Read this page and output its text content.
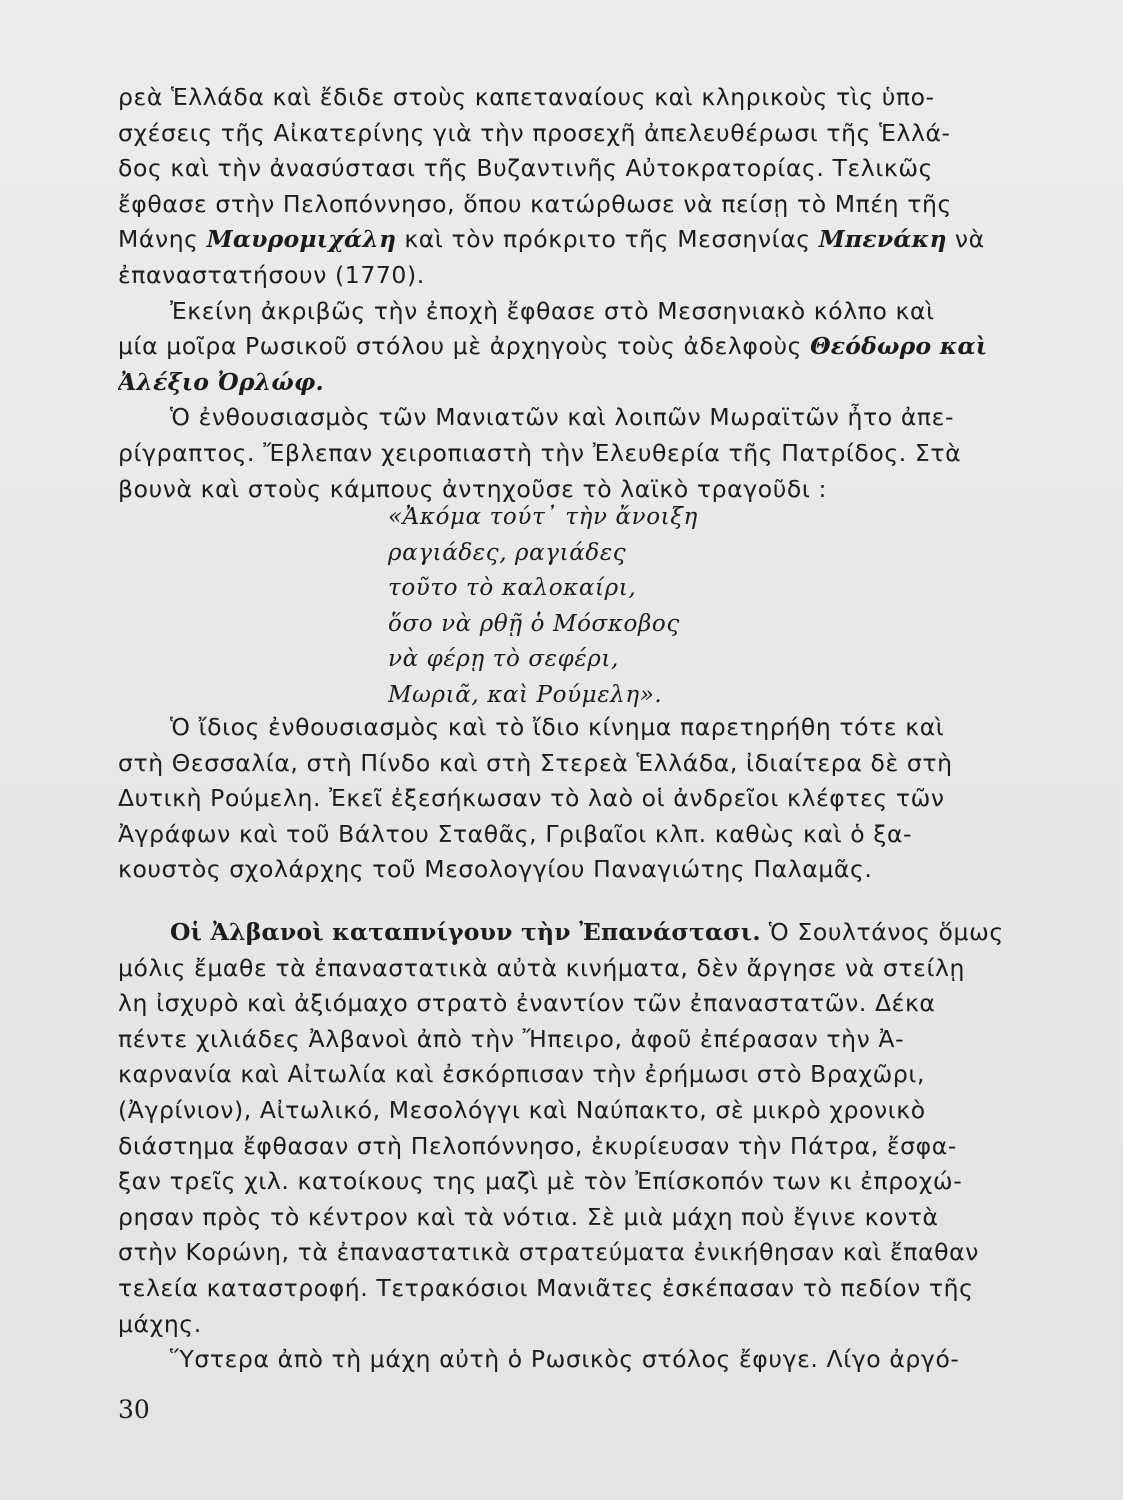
ρεὰ Ἑλλάδα καὶ ἔδιδε στοὺς καπεταναίους καὶ κληρικοὺς τὶς ὑπο-
σχέσεις τῆς Αἰκατερίνης γιὰ τὴν προσεχῆ ἀπελευθέρωσι τῆς Ἑλλά-
δος καὶ τὴν ἀνασύστασι τῆς Βυζαντινῆς Αὐτοκρατορίας. Τελικῶς
ἔφθασε στὴν Πελοπόννησο, ὅπου κατώρθωσε νὰ πείσῃ τὸ Μπέη τῆς
Μάνης Μαυρομιχάλη καὶ τὸν πρόκριτο τῆς Μεσσηνίας Μπενάκη νὰ
ἐπαναστατήσουν (1770).
Ἐκείνη ἀκριβῶς τὴν ἐποχὴ ἔφθασε στὸ Μεσσηνιακὸ κόλπο καὶ
μία μοῖρα Ρωσικοῦ στόλου μὲ ἀρχηγοὺς τοὺς ἀδελφοὺς Θεόδωρο καὶ
Ἀλέξιο Ὀρλώφ.
Ὁ ἐνθουσιασμὸς τῶν Μανιατῶν καὶ λοιπῶν Μωραϊτῶν ἦτο ἀπε-
ρίγραπτος. Ἔβλεπαν χειροπιαστὴ τὴν Ἐλευθερία τῆς Πατρίδος. Στὰ
βουνὰ καὶ στοὺς κάμπους ἀντηχοῦσε τὸ λαϊκὸ τραγοῦδι :
«Ἀκόμα τούτ᾿ τὴν ἄνοιξη
ραγιάδες, ραγιάδες
τοῦτο τὸ καλοκαίρι,
ὅσο νὰ ρθῇ ὁ Μόσκοβος
νὰ φέρῃ τὸ σεφέρι,
Μωριᾶ, καὶ Ρούμελη».
Ὁ ἴδιος ἐνθουσιασμὸς καὶ τὸ ἴδιο κίνημα παρετηρήθη τότε καὶ
στὴ Θεσσαλία, στὴ Πίνδο καὶ στὴ Στερεὰ Ἑλλάδα, ἰδιαίτερα δὲ στὴ
Δυτικὴ Ρούμελη. Ἐκεῖ ἐξεσήκωσαν τὸ λαὸ οἱ ἀνδρεῖοι κλέφτες τῶν
Ἀγράφων καὶ τοῦ Βάλτου Σταθᾶς, Γριβαῖοι κλπ. καθὼς καὶ ὁ ξα-
κουστὸς σχολάρχης τοῦ Μεσολογγίου Παναγιώτης Παλαμᾶς.
Οἱ Ἀλβανοὶ καταπνίγουν τὴν Ἐπανάστασι. Ὁ Σουλτάνος ὅμως
μόλις ἔμαθε τὰ ἐπαναστατικὰ αὐτὰ κινήματα, δὲν ἄργησε νὰ στείλῃ
λη ἰσχυρὸ καὶ ἀξιόμαχο στρατὸ ἐναντίον τῶν ἐπαναστατῶν. Δέκα
πέντε χιλιάδες Ἀλβανοὶ ἀπὸ τὴν Ἤπειρο, ἀφοῦ ἐπέρασαν τὴν Ἀ-
καρνανία καὶ Αἰτωλία καὶ ἐσκόρπισαν τὴν ἐρήμωσι στὸ Βραχῶρι,
(Ἀγρίνιον), Αἰτωλικό, Μεσολόγγι καὶ Ναύπακτο, σὲ μικρὸ χρονικὸ
διάστημα ἔφθασαν στὴ Πελοπόννησο, ἐκυρίευσαν τὴν Πάτρα, ἔσφα-
ξαν τρεῖς χιλ. κατοίκους της μαζὶ μὲ τὸν Ἐπίσκοπόν των κι ἐπροχώ-
ρησαν πρὸς τὸ κέντρον καὶ τὰ νότια. Σὲ μιὰ μάχη ποὺ ἔγινε κοντὰ
στὴν Κορώνη, τὰ ἐπαναστατικὰ στρατεύματα ἐνικήθησαν καὶ ἔπαθαν
τελεία καταστροφή. Τετρακόσιοι Μανιᾶτες ἐσκέπασαν τὸ πεδίον τῆς
μάχης.
Ὕστερα ἀπὸ τὴ μάχη αὐτὴ ὁ Ρωσικὸς στόλος ἔφυγε. Λίγο ἀργό-
30
